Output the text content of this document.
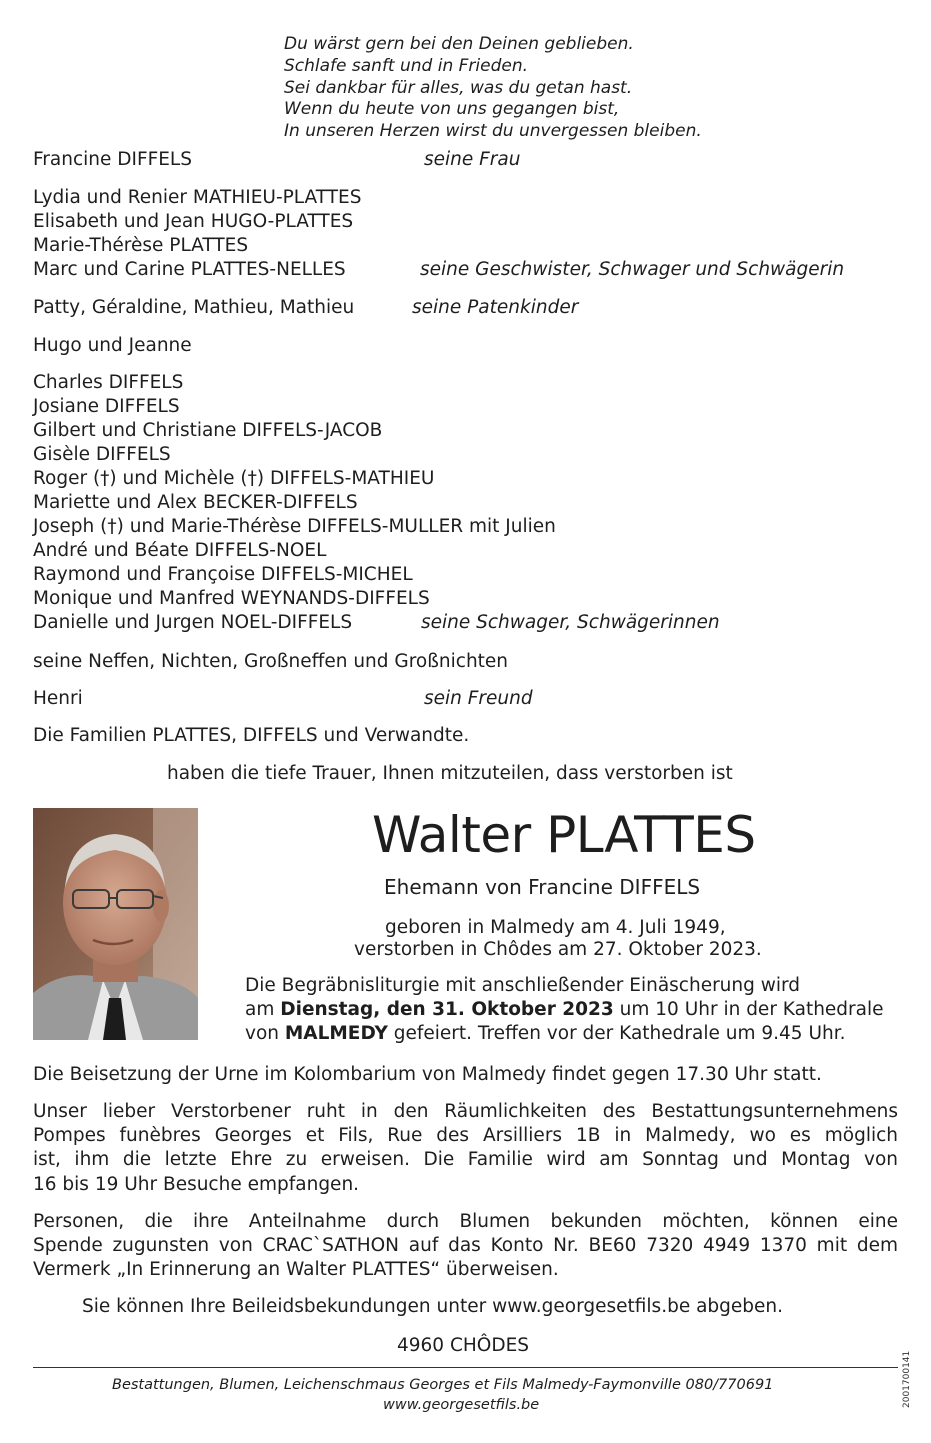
Du wärst gern bei den Deinen geblieben.
Schlafe sanft und in Frieden.
Sei dankbar für alles, was du getan hast.
Wenn du heute von uns gegangen bist,
In unseren Herzen wirst du unvergessen bleiben.
Francine DIFFELS	seine Frau
Lydia und Renier MATHIEU-PLATTES
Elisabeth und Jean HUGO-PLATTES
Marie-Thérèse PLATTES
Marc und Carine PLATTES-NELLES	seine Geschwister, Schwager und Schwägerin
Patty, Géraldine, Mathieu, Mathieu	seine Patenkinder
Hugo und Jeanne
Charles DIFFELS
Josiane DIFFELS
Gilbert und Christiane DIFFELS-JACOB
Gisèle DIFFELS
Roger (†) und Michèle (†) DIFFELS-MATHIEU
Mariette und Alex BECKER-DIFFELS
Joseph (†) und Marie-Thérèse DIFFELS-MULLER mit Julien
André und Béate DIFFELS-NOEL
Raymond und Françoise DIFFELS-MICHEL
Monique und Manfred WEYNANDS-DIFFELS
Danielle und Jurgen NOEL-DIFFELS	seine Schwager, Schwägerinnen
seine Neffen, Nichten, Großneffen und Großnichten
Henri	sein Freund
Die Familien PLATTES, DIFFELS und Verwandte.
haben die tiefe Trauer, Ihnen mitzuteilen, dass verstorben ist
Walter PLATTES
Ehemann von Francine DIFFELS
geboren in Malmedy am 4. Juli 1949,
verstorben in Chôdes am 27. Oktober 2023.
Die Begräbnisliturgie mit anschließender Einäscherung wird
am Dienstag, den 31. Oktober 2023 um 10 Uhr in der Kathedrale
von MALMEDY gefeiert. Treffen vor der Kathedrale um 9.45 Uhr.
Die Beisetzung der Urne im Kolombarium von Malmedy findet gegen 17.30 Uhr statt.
Unser lieber Verstorbener ruht in den Räumlichkeiten des Bestattungsunternehmens
Pompes funèbres Georges et Fils, Rue des Arsilliers 1B in Malmedy, wo es möglich
ist, ihm die letzte Ehre zu erweisen. Die Familie wird am Sonntag und Montag von
16 bis 19 Uhr Besuche empfangen.
Personen, die ihre Anteilnahme durch Blumen bekunden möchten, können eine
Spende zugunsten von CRAC`SATHON auf das Konto Nr. BE60 7320 4949 1370 mit dem
Vermerk „In Erinnerung an Walter PLATTES“ überweisen.
Sie können Ihre Beileidsbekundungen unter www.georgesetfils.be abgeben.
4960 CHÔDES
Bestattungen, Blumen, Leichenschmaus Georges et Fils Malmedy-Faymonville 080/770691
www.georgesetfils.be	2001700141
